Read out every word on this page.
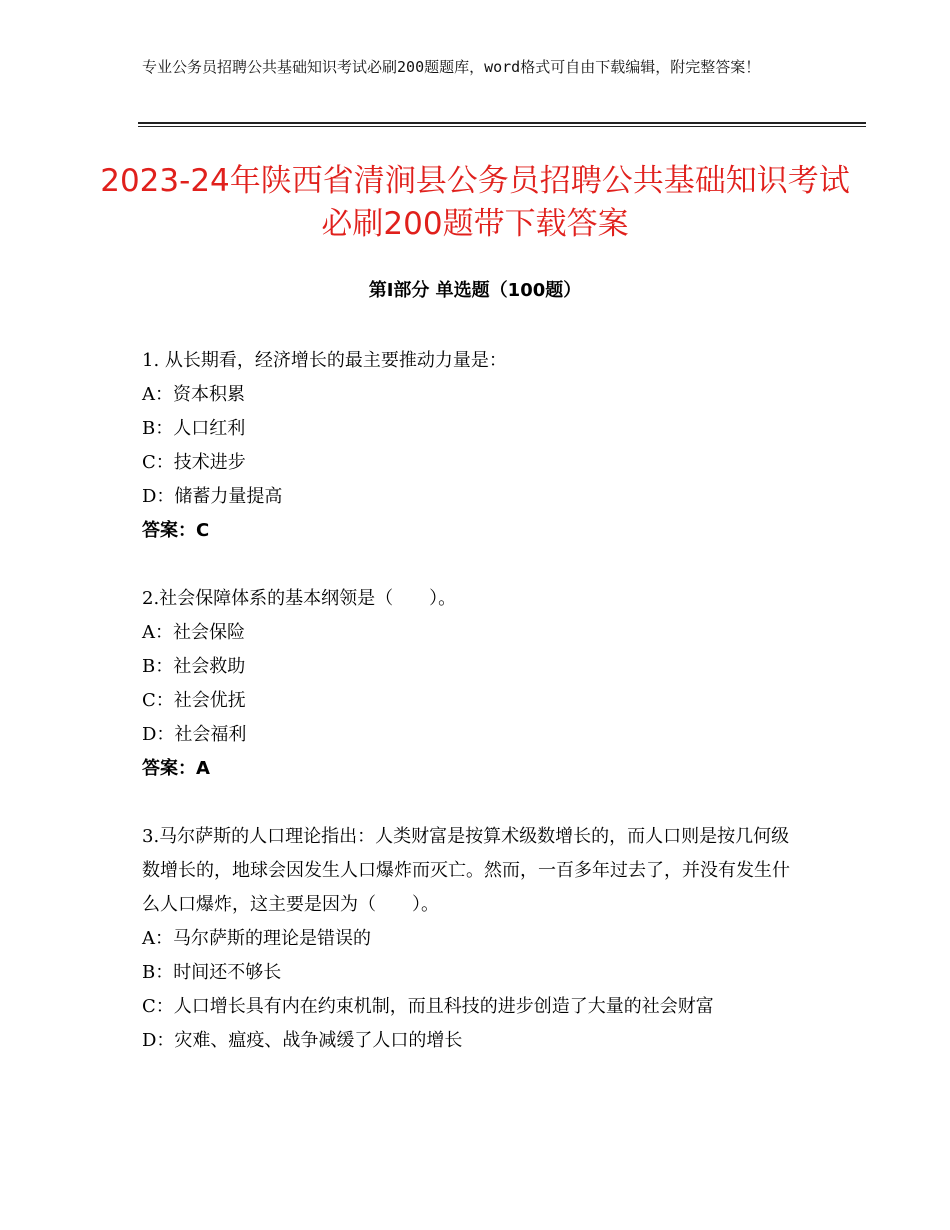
专业公务员招聘公共基础知识考试必刷200题题库，word格式可自由下载编辑，附完整答案！
2023-24年陕西省清涧县公务员招聘公共基础知识考试必刷200题带下载答案
第Ⅰ部分 单选题（100题）
1. 从长期看，经济增长的最主要推动力量是：
A：资本积累
B：人口红利
C：技术进步
D：储蓄力量提高
答案：C
2.社会保障体系的基本纲领是（　　）。
A：社会保险
B：社会救助
C：社会优抚
D：社会福利
答案：A
3.马尔萨斯的人口理论指出：人类财富是按算术级数增长的，而人口则是按几何级数增长的，地球会因发生人口爆炸而灭亡。然而，一百多年过去了，并没有发生什么人口爆炸，这主要是因为（　　）。
A：马尔萨斯的理论是错误的
B：时间还不够长
C：人口增长具有内在约束机制，而且科技的进步创造了大量的社会财富
D：灾难、瘟疫、战争减缓了人口的增长
